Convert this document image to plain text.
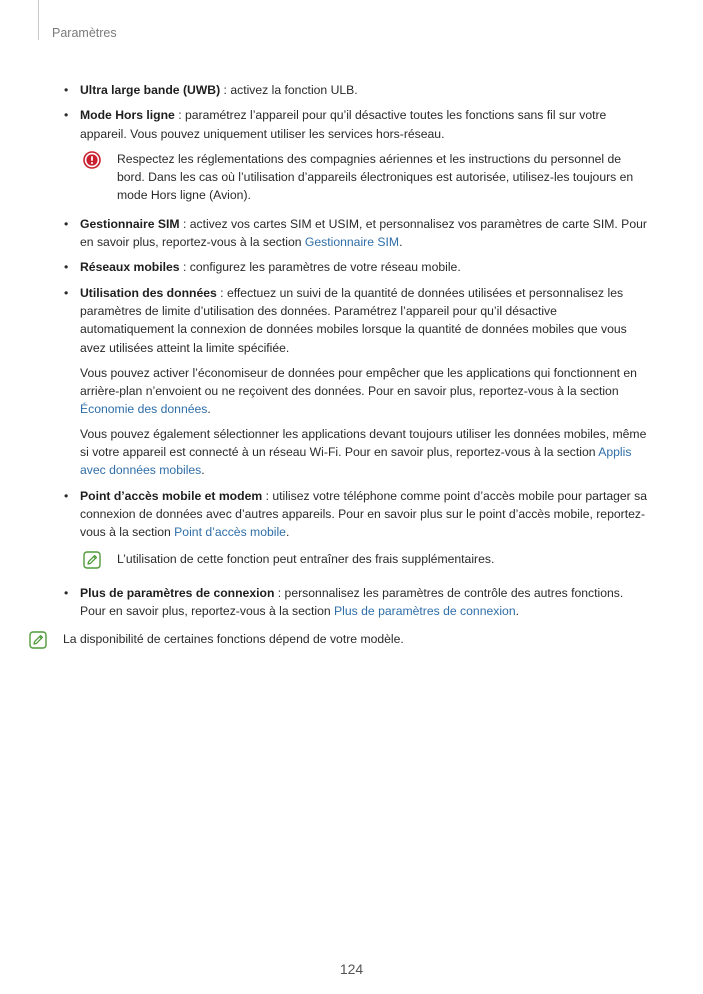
Paramètres
• Ultra large bande (UWB) : activez la fonction ULB.
• Mode Hors ligne : paramétrez l’appareil pour qu’il désactive toutes les fonctions sans fil sur votre appareil. Vous pouvez uniquement utiliser les services hors-réseau.
Respectez les réglementations des compagnies aériennes et les instructions du personnel de bord. Dans les cas où l’utilisation d’appareils électroniques est autorisée, utilisez-les toujours en mode Hors ligne (Avion).
• Gestionnaire SIM : activez vos cartes SIM et USIM, et personnalisez vos paramètres de carte SIM. Pour en savoir plus, reportez-vous à la section Gestionnaire SIM.
• Réseaux mobiles : configurez les paramètres de votre réseau mobile.
• Utilisation des données : effectuez un suivi de la quantité de données utilisées et personnalisez les paramètres de limite d’utilisation des données. Paramétrez l’appareil pour qu’il désactive automatiquement la connexion de données mobiles lorsque la quantité de données mobiles que vous avez utilisées atteint la limite spécifiée.
Vous pouvez activer l’économiseur de données pour empêcher que les applications qui fonctionnent en arrière-plan n’envoient ou ne reçoivent des données. Pour en savoir plus, reportez-vous à la section Économie des données.
Vous pouvez également sélectionner les applications devant toujours utiliser les données mobiles, même si votre appareil est connecté à un réseau Wi-Fi. Pour en savoir plus, reportez-vous à la section Applis avec données mobiles.
• Point d’accès mobile et modem : utilisez votre téléphone comme point d’accès mobile pour partager sa connexion de données avec d’autres appareils. Pour en savoir plus sur le point d’accès mobile, reportez-vous à la section Point d’accès mobile.
L’utilisation de cette fonction peut entraîner des frais supplémentaires.
• Plus de paramètres de connexion : personnalisez les paramètres de contrôle des autres fonctions. Pour en savoir plus, reportez-vous à la section Plus de paramètres de connexion.
La disponibilité de certaines fonctions dépend de votre modèle.
124
